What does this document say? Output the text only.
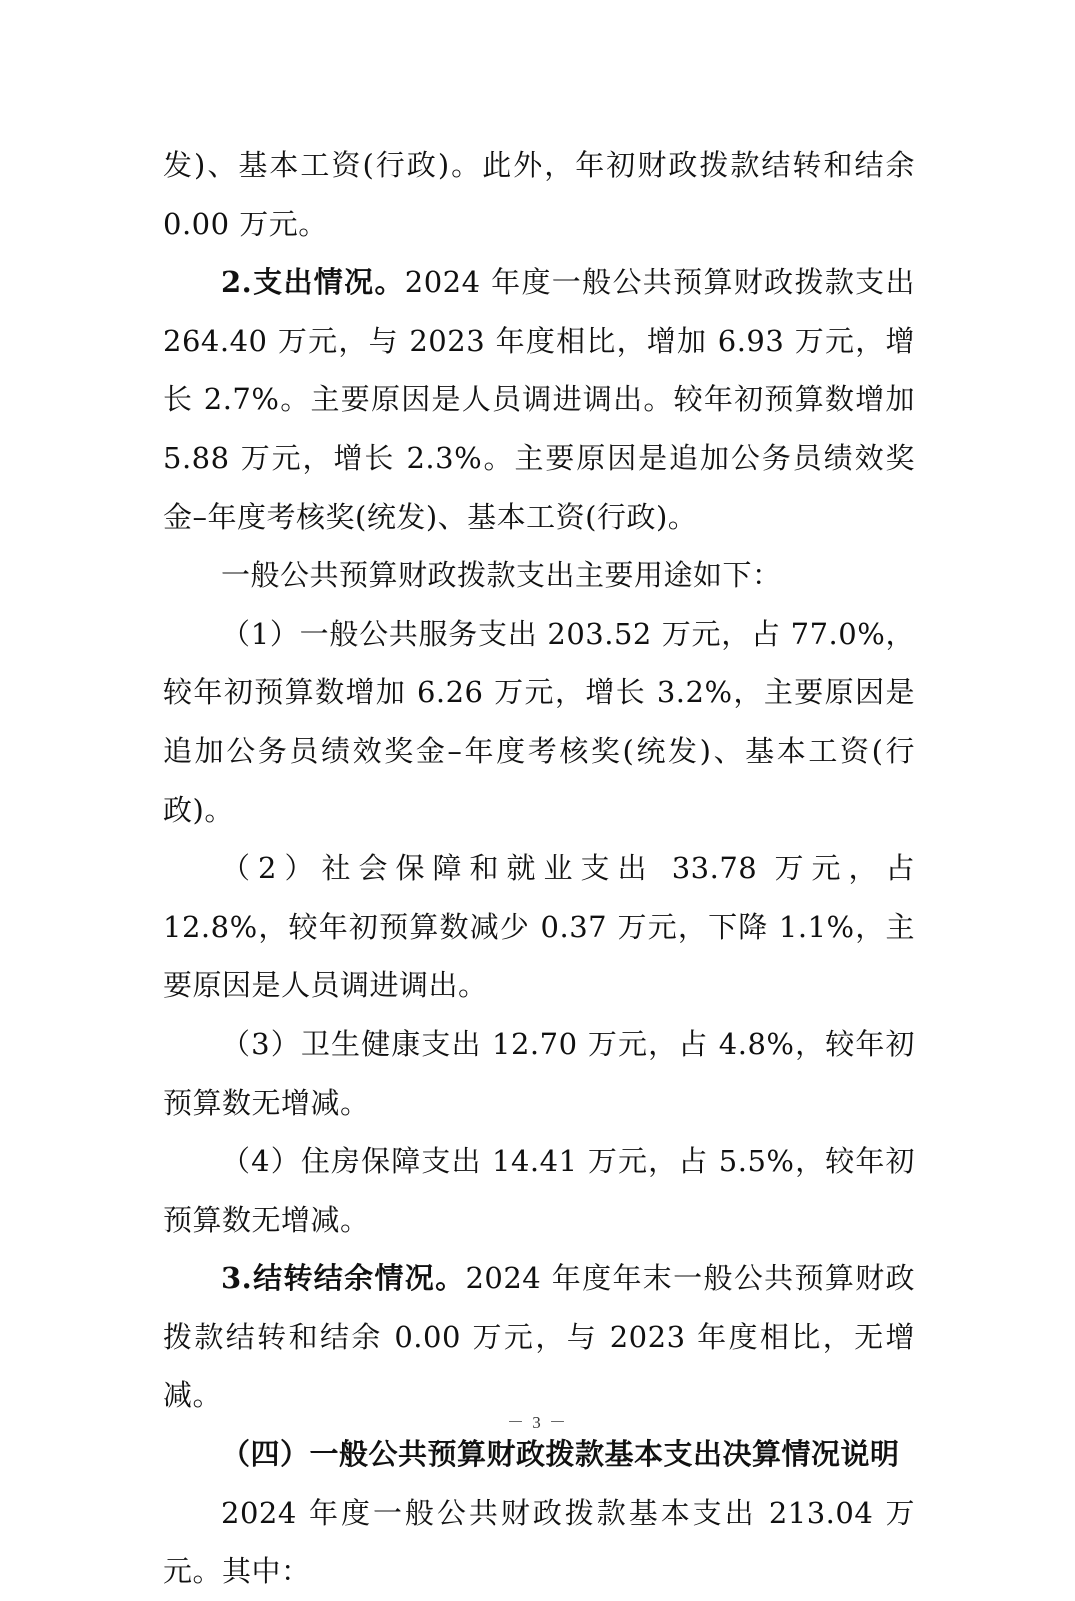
发)、基本工资(行政)。此外，年初财政拨款结转和结余 0.00 万元。

2.支出情况。2024 年度一般公共预算财政拨款支出 264.40 万元，与 2023 年度相比，增加 6.93 万元，增长 2.7%。主要原因是人员调进调出。较年初预算数增加 5.88 万元，增长 2.3%。主要原因是追加公务员绩效奖金–年度考核奖(统发)、基本工资(行政)。

一般公共预算财政拨款支出主要用途如下：

（1）一般公共服务支出 203.52 万元，占 77.0%，较年初预算数增加 6.26 万元，增长 3.2%，主要原因是追加公务员绩效奖金–年度考核奖(统发)、基本工资(行政)。

（2）社会保障和就业支出 33.78 万元，占 12.8%，较年初预算数减少 0.37 万元，下降 1.1%，主要原因是人员调进调出。

（3）卫生健康支出 12.70 万元，占 4.8%，较年初预算数无增减。

（4）住房保障支出 14.41 万元，占 5.5%，较年初预算数无增减。

3.结转结余情况。2024 年度年末一般公共预算财政拨款结转和结余 0.00 万元，与 2023 年度相比，无增减。

（四）一般公共预算财政拨款基本支出决算情况说明

2024 年度一般公共财政拨款基本支出 213.04 万元。其中：

－ 3 －
